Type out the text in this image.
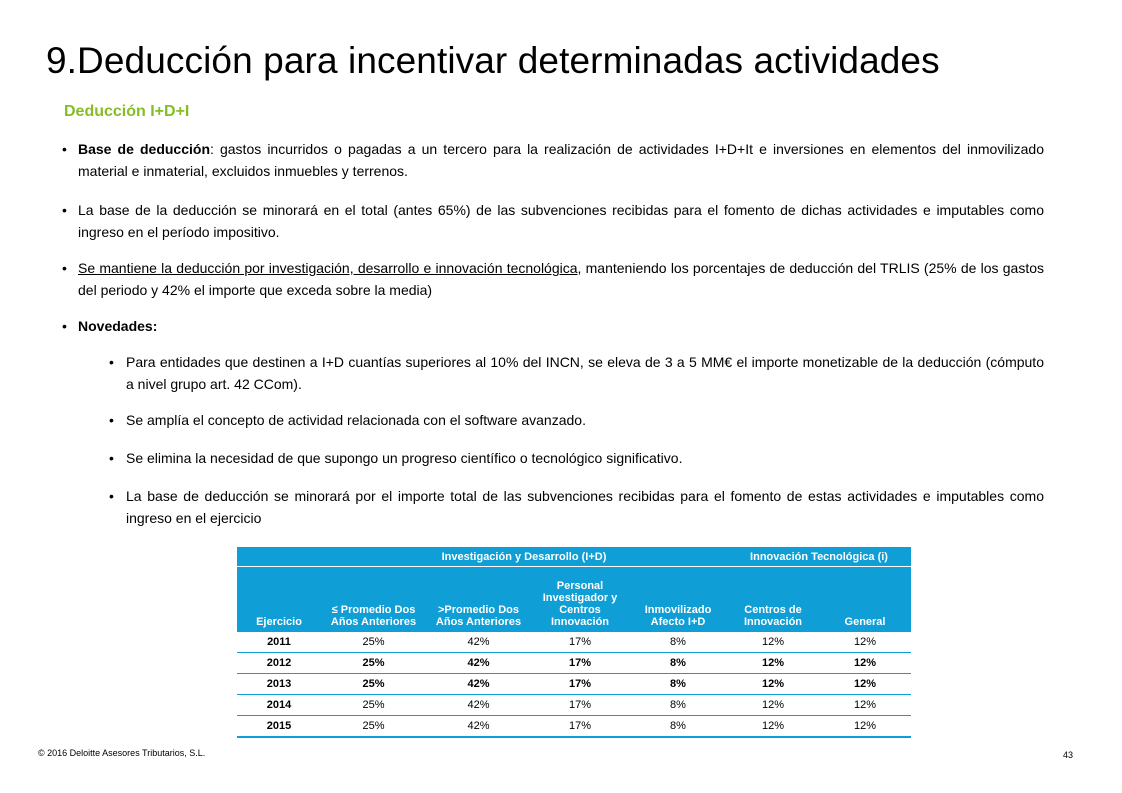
9.Deducción para incentivar determinadas actividades
Deducción I+D+I
• Base de deducción: gastos incurridos o pagadas a un tercero para la realización de actividades I+D+It e inversiones en elementos del inmovilizado material e inmaterial, excluidos inmuebles y terrenos.
• La base de la deducción se minorará en el total (antes 65%) de las subvenciones recibidas para el fomento de dichas actividades e imputables como ingreso en el período impositivo.
• Se mantiene la deducción por investigación, desarrollo e innovación tecnológica, manteniendo los porcentajes de deducción del TRLIS (25% de los gastos del periodo y 42% el importe que exceda sobre la media)
• Novedades:
• Para entidades que destinen a I+D cuantías superiores al 10% del INCN, se eleva de 3 a 5 MM€ el importe monetizable de la deducción (cómputo a nivel grupo art. 42 CCom).
• Se amplía el concepto de actividad relacionada con el software avanzado.
• Se elimina la necesidad de que supongo un progreso científico o tecnológico significativo.
• La base de deducción se minorará por el importe total de las subvenciones recibidas para el fomento de estas actividades e imputables como ingreso en el ejercicio
	Investigación y Desarrollo (I+D)				Innovación Tecnológica (i)	
Ejercicio	≤ Promedio Dos Años Anteriores	>Promedio Dos Años Anteriores	Personal Investigador y Centros Innovación	Inmovilizado Afecto I+D	Centros de Innovación	General
2011	25%	42%	17%	8%	12%	12%
2012	25%	42%	17%	8%	12%	12%
2013	25%	42%	17%	8%	12%	12%
2014	25%	42%	17%	8%	12%	12%
2015	25%	42%	17%	8%	12%	12%
© 2016 Deloitte Asesores Tributarios, S.L.	43
